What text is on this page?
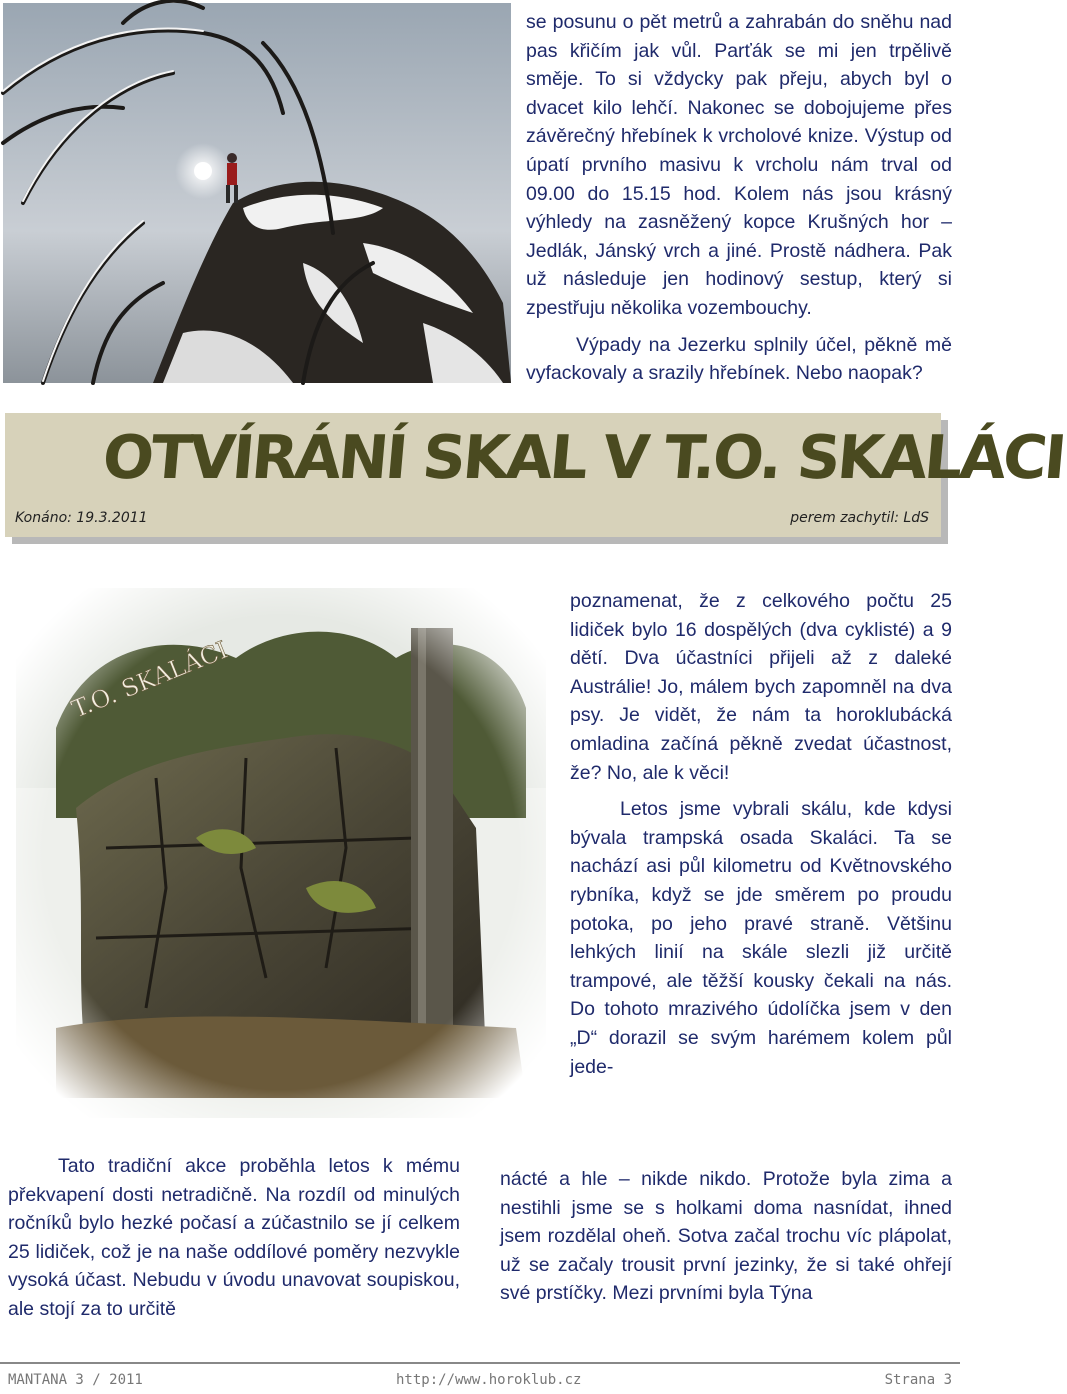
se posunu o pět metrů a zahrabán do sněhu nad pas křičím jak vůl. Parťák se mi jen trpělivě směje. To si vždycky pak přeju, abych byl o dvacet kilo lehčí. Nakonec se dobojujeme přes závěrečný hřebínek k vrcholové knize. Výstup od úpatí prvního masivu k vrcholu nám trval od 09.00 do 15.15 hod. Kolem nás jsou krásný výhledy na zasněžený kopce Krušných hor – Jedlák, Jánský vrch a jiné. Prostě nádhera. Pak už následuje jen hodinový sestup, který si zpestřuju několika vozembouchy.

Výpady na Jezerku splnily účel, pěkně mě vyfackovaly a srazily hřebínek. Nebo naopak?

OTVÍRÁNÍ SKAL V T.O. SKALÁCI
Konáno: 19.3.2011	perem zachytil: LdS

poznamenat, že z celkového počtu 25 lidiček bylo 16 dospělých (dva cyklisté) a 9 dětí. Dva účastníci přijeli až z daleké Austrálie! Jo, málem bych zapomněl na dva psy. Je vidět, že nám ta horoklubácká omladina začíná pěkně zvedat účastnost, že? No, ale k věci!

Letos jsme vybrali skálu, kde kdysi bývala trampská osada Skaláci. Ta se nachází asi půl kilometru od Květnovského rybníka, když se jde směrem po proudu potoka, po jeho pravé straně. Většinu lehkých linií na skále slezli již určitě trampové, ale těžší kousky čekali na nás. Do tohoto mrazivého údolíčka jsem v den „D“ dorazil se svým harémem kolem půl jede-

nácté a hle – nikde nikdo. Protože byla zima a nestihli jsme se s holkami doma nasnídat, ihned jsem rozdělal oheň. Sotva začal trochu víc plápolat, už se začaly trousit první jezinky, že si také ohřejí své prstíčky. Mezi prvními byla Týna

Tato tradiční akce proběhla letos k mému překvapení dosti netradičně. Na rozdíl od minulých ročníků bylo hezké počasí a zúčastnilo se jí celkem 25 lidiček, což je na naše oddílové poměry nezvykle vysoká účast. Nebudu v úvodu unavovat soupiskou, ale stojí za to určitě

MANTANA 3 / 2011	http://www.horoklub.cz	Strana 3
